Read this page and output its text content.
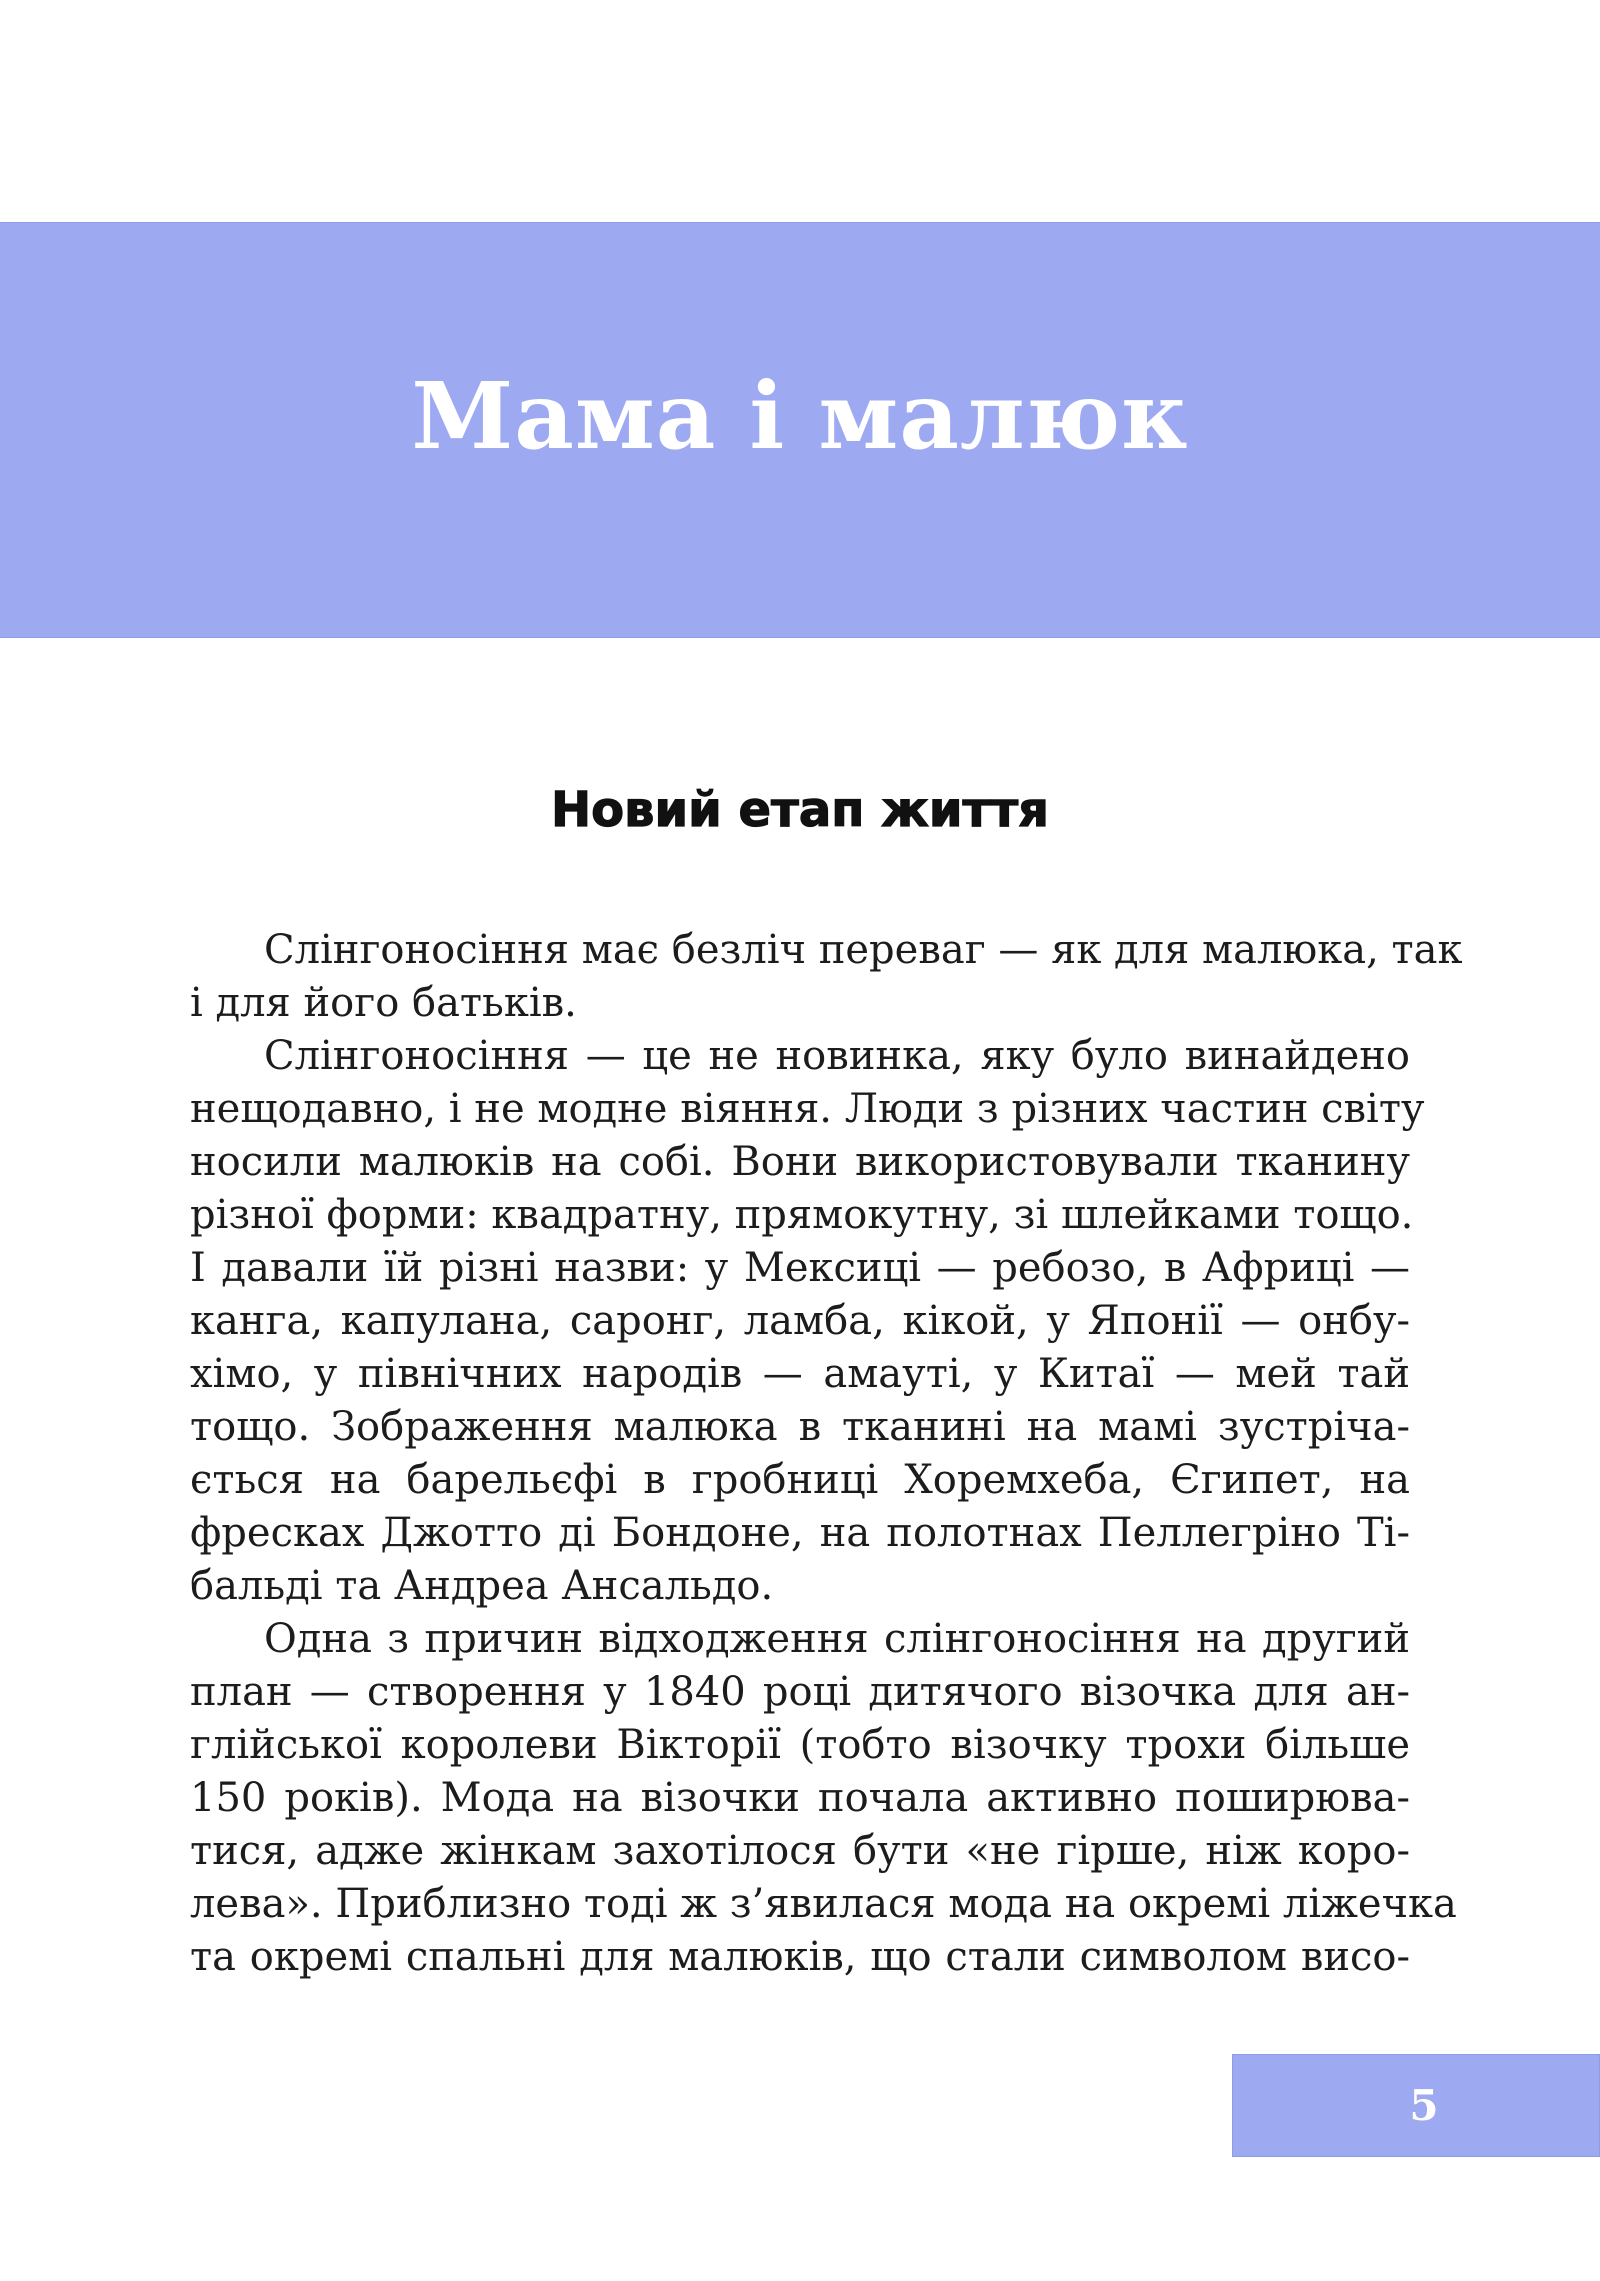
Мама і малюк
Новий етап життя
Слінгоносіння має безліч переваг — як для малюка, так
і для його батьків.
Слінгоносіння — це не новинка, яку було винайдено
нещодавно, і не модне віяння. Люди з різних частин світу
носили малюків на собі. Вони використовували тканину
різної форми: квадратну, прямокутну, зі шлейками тощо.
І давали їй різні назви: у Мексиці — ребозо, в Африці —
канга, капулана, саронг, ламба, кікой, у Японії — онбу-
хімо, у північних народів — амауті, у Китаї — мей тай
тощо. Зображення малюка в тканині на мамі зустріча-
ється на барельєфі в гробниці Хоремхеба, Єгипет, на
фресках Джотто ді Бондоне, на полотнах Пеллегріно Ті-
бальді та Андреа Ансальдо.
Одна з причин відходження слінгоносіння на другий
план — створення у 1840 році дитячого візочка для ан-
глійської королеви Вікторії (тобто візочку трохи більше
150 років). Мода на візочки почала активно поширюва-
тися, адже жінкам захотілося бути «не гірше, ніж коро-
лева». Приблизно тоді ж з’явилася мода на окремі ліжечка
та окремі спальні для малюків, що стали символом висо-
5
